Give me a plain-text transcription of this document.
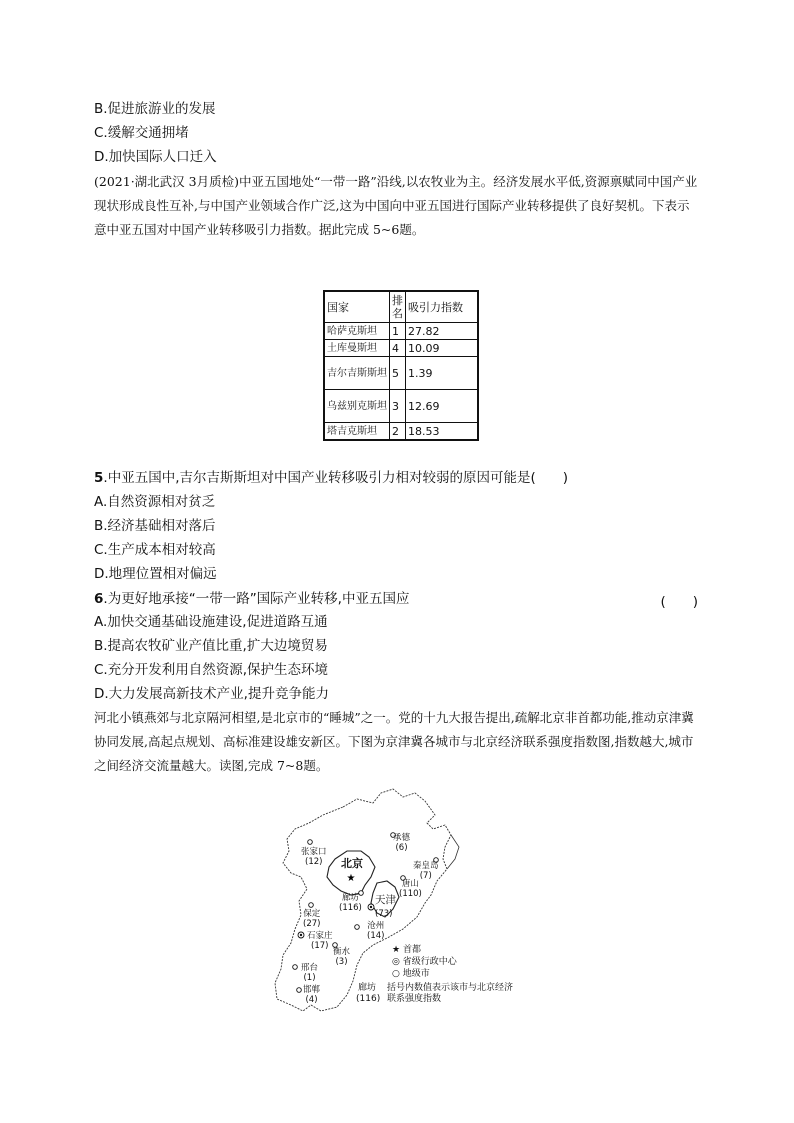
B.促进旅游业的发展
C.缓解交通拥堵
D.加快国际人口迁入
(2021·湖北武汉 3月质检)中亚五国地处“一带一路”沿线,以农牧业为主。经济发展水平低,资源禀赋同中国产业现状形成良性互补,与中国产业领域合作广泛,这为中国向中亚五国进行国际产业转移提供了良好契机。下表示意中亚五国对中国产业转移吸引力指数。据此完成 5~6题。
国家	排名	吸引力指数
哈萨克斯坦	1	27.82
土库曼斯坦	4	10.09
吉尔吉斯斯坦	5	1.39
乌兹别克斯坦	3	12.69
塔吉克斯坦	2	18.53
5.中亚五国中,吉尔吉斯斯坦对中国产业转移吸引力相对较弱的原因可能是(　　)
A.自然资源相对贫乏
B.经济基础相对落后
C.生产成本相对较高
D.地理位置相对偏远
6.为更好地承接“一带一路”国际产业转移,中亚五国应	(　　)
A.加快交通基础设施建设,促进道路互通
B.提高农牧矿业产值比重,扩大边境贸易
C.充分开发利用自然资源,保护生态环境
D.大力发展高新技术产业,提升竞争能力
河北小镇燕郊与北京隔河相望,是北京市的“睡城”之一。党的十九大报告提出,疏解北京非首都功能,推动京津冀协同发展,高起点规划、高标准建设雄安新区。下图为京津冀各城市与北京经济联系强度指数图,指数越大,城市之间经济交流量越大。读图,完成 7~8题。
★
张家口
(12)	北京
承德
(6)
秦皇岛
(7)
唐山
(110)
廊坊
(116)
天津
(73)
保定
(27)	沧州
(14)
石家庄
(17)
衡水
(3)
邢台
(1)
邯郸
(4)
★ 首都
◎ 省级行政中心
○ 地级市
廊坊
(116)
括号内数值表示该市与北京经济
联系强度指数
